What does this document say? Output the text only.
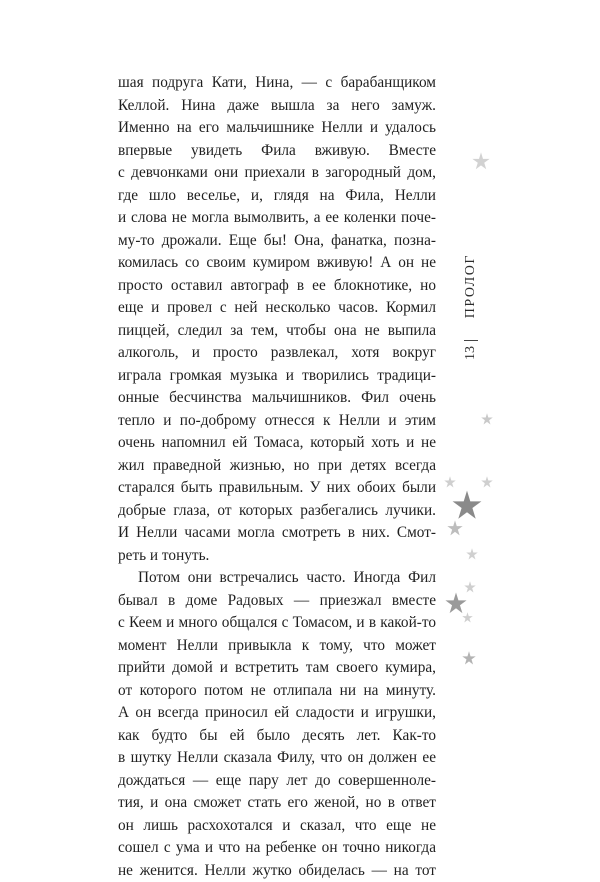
шая подруга Кати, Нина, — с барабанщиком
Келлой. Нина даже вышла за него замуж.
Именно на его мальчишнике Нелли и удалось
впервые увидеть Фила вживую. Вместе
с девчонками они приехали в загородный дом,
где шло веселье, и, глядя на Фила, Нелли
и слова не могла вымолвить, а ее коленки поче-
му-то дрожали. Еще бы! Она, фанатка, позна-
комилась со своим кумиром вживую! А он не
просто оставил автограф в ее блокнотике, но
еще и провел с ней несколько часов. Кормил
пиццей, следил за тем, чтобы она не выпила
алкоголь, и просто развлекал, хотя вокруг
играла громкая музыка и творились традици-
онные бесчинства мальчишников. Фил очень
тепло и по-доброму отнесся к Нелли и этим
очень напомнил ей Томаса, который хоть и не
жил праведной жизнью, но при детях всегда
старался быть правильным. У них обоих были
добрые глаза, от которых разбегались лучики.
И Нелли часами могла смотреть в них. Смот-
реть и тонуть.
Потом они встречались часто. Иногда Фил
бывал в доме Радовых — приезжал вместе
с Кеем и много общался с Томасом, и в какой-то
момент Нелли привыкла к тому, что может
прийти домой и встретить там своего кумира,
от которого потом не отлипала ни на минуту.
А он всегда приносил ей сладости и игрушки,
как будто бы ей было десять лет. Как-то
в шутку Нелли сказала Филу, что он должен ее
дождаться — еще пару лет до совершенноле-
тия, и она сможет стать его женой, но в ответ
он лишь расхохотался и сказал, что еще не
сошел с ума и что на ребенке он точно никогда
не женится. Нелли жутко обиделась — на тот
ПРОЛОГ
13
